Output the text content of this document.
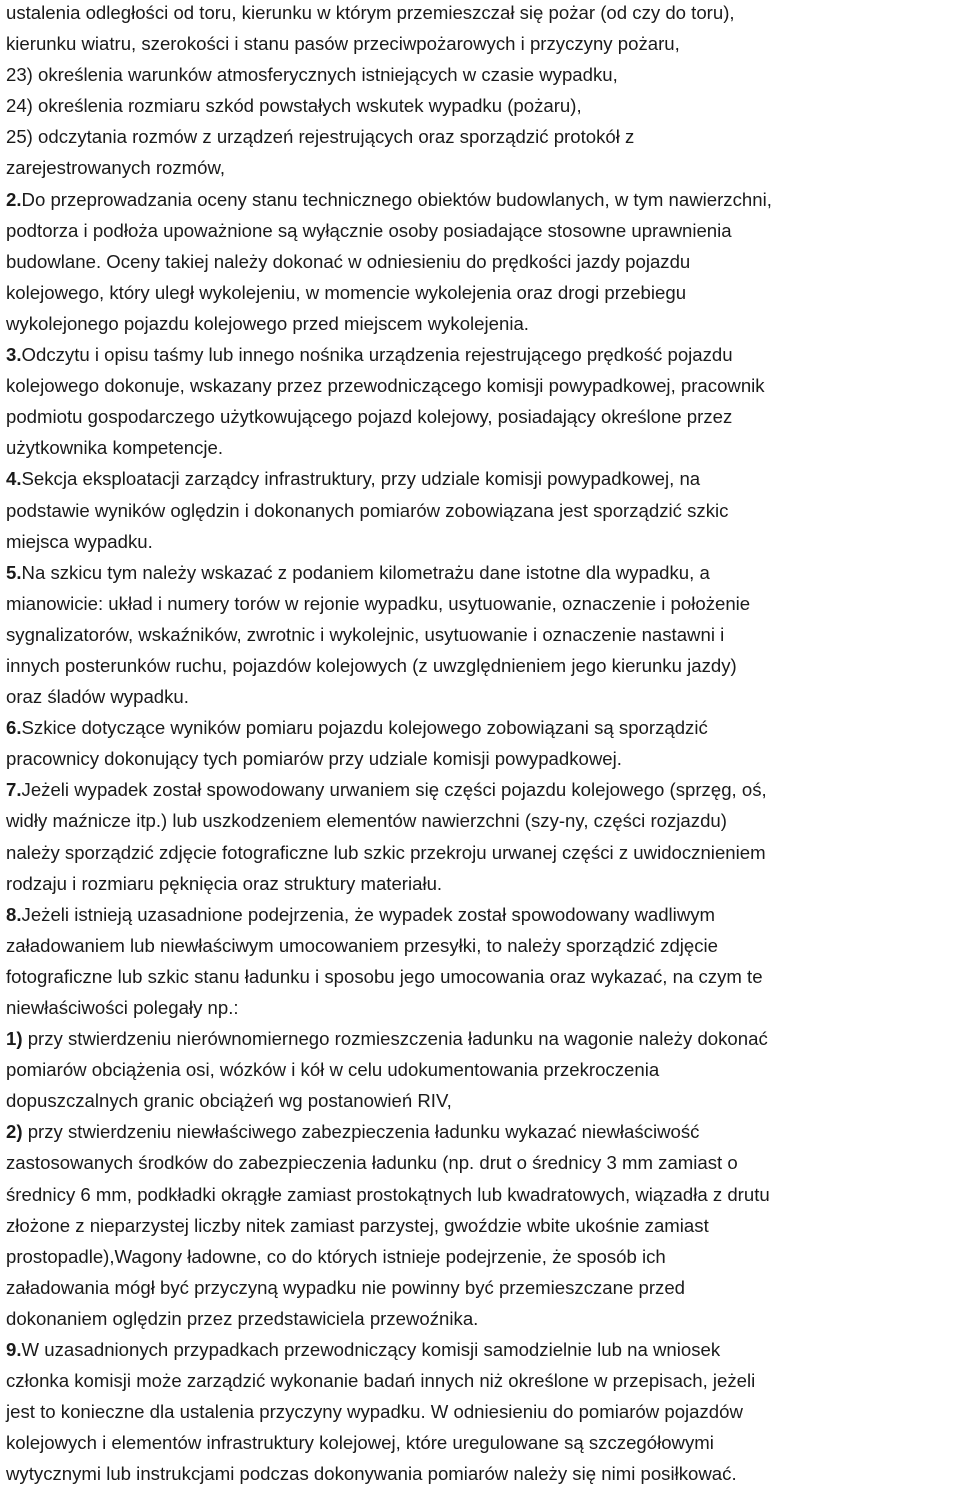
ustalenia odległości od toru, kierunku w którym przemieszczał się pożar (od czy do toru),
kierunku wiatru, szerokości i stanu pasów przeciwpożarowych i przyczyny pożaru,
23) określenia warunków atmosferycznych istniejących w czasie wypadku,
24) określenia rozmiaru szkód powstałych wskutek wypadku (pożaru),
25) odczytania rozmów z urządzeń rejestrujących oraz sporządzić protokół z
zarejestrowanych rozmów,
2.Do przeprowadzania oceny stanu technicznego obiektów budowlanych, w tym nawierzchni,
podtorza i podłoża upoważnione są wyłącznie osoby posiadające stosowne uprawnienia
budowlane. Oceny takiej należy dokonać w odniesieniu do prędkości jazdy pojazdu
kolejowego, który uległ wykolejeniu, w momencie wykolejenia oraz drogi przebiegu
wykolejonego pojazdu kolejowego przed miejscem wykolejenia.
3.Odczytu i opisu taśmy lub innego nośnika urządzenia rejestrującego prędkość pojazdu
kolejowego dokonuje, wskazany przez przewodniczącego komisji powypadkowej, pracownik
podmiotu gospodarczego użytkowującego pojazd kolejowy, posiadający określone przez
użytkownika kompetencje.
4.Sekcja eksploatacji zarządcy infrastruktury, przy udziale komisji powypadkowej, na
podstawie wyników oględzin i dokonanych pomiarów zobowiązana jest sporządzić szkic
miejsca wypadku.
5.Na szkicu tym należy wskazać z podaniem kilometrażu dane istotne dla wypadku, a
mianowicie: układ i numery torów w rejonie wypadku, usytuowanie, oznaczenie i położenie
sygnalizatorów, wskaźników, zwrotnic i wykolejnic, usytuowanie i oznaczenie nastawni i
innych posterunków ruchu, pojazdów kolejowych (z uwzględnieniem jego kierunku jazdy)
oraz śladów wypadku.
6.Szkice dotyczące wyników pomiaru pojazdu kolejowego zobowiązani są sporządzić
pracownicy dokonujący tych pomiarów przy udziale komisji powypadkowej.
7.Jeżeli wypadek został spowodowany urwaniem się części pojazdu kolejowego (sprzęg, oś,
widły maźnicze itp.) lub uszkodzeniem elementów nawierzchni (szy-ny, części rozjazdu)
należy sporządzić zdjęcie fotograficzne lub szkic przekroju urwanej części z uwidocznieniem
rodzaju i rozmiaru pęknięcia oraz struktury materiału.
8.Jeżeli istnieją uzasadnione podejrzenia, że wypadek został spowodowany wadliwym
załadowaniem lub niewłaściwym umocowaniem przesyłki, to należy sporządzić zdjęcie
fotograficzne lub szkic stanu ładunku i sposobu jego umocowania oraz wykazać, na czym te
niewłaściwości polegały np.:
1) przy stwierdzeniu nierównomiernego rozmieszczenia ładunku na wagonie należy dokonać
pomiarów obciążenia osi, wózków i kół w celu udokumentowania przekroczenia
dopuszczalnych granic obciążeń wg postanowień RIV,
2) przy stwierdzeniu niewłaściwego zabezpieczenia ładunku wykazać niewłaściwość
zastosowanych środków do zabezpieczenia ładunku (np. drut o średnicy 3 mm zamiast o
średnicy 6 mm, podkładki okrągłe zamiast prostokątnych lub kwadratowych, wiązadła z drutu
złożone z nieparzystej liczby nitek zamiast parzystej, gwoździe wbite ukośnie zamiast
prostopadle),Wagony ładowne, co do których istnieje podejrzenie, że sposób ich
załadowania mógł być przyczyną wypadku nie powinny być przemieszczane przed
dokonaniem oględzin przez przedstawiciela przewoźnika.
9.W uzasadnionych przypadkach przewodniczący komisji samodzielnie lub na wniosek
członka komisji może zarządzić wykonanie badań innych niż określone w przepisach, jeżeli
jest to konieczne dla ustalenia przyczyny wypadku. W odniesieniu do pomiarów pojazdów
kolejowych i elementów infrastruktury kolejowej, które uregulowane są szczegółowymi
wytycznymi lub instrukcjami podczas dokonywania pomiarów należy się nimi posiłkować.
